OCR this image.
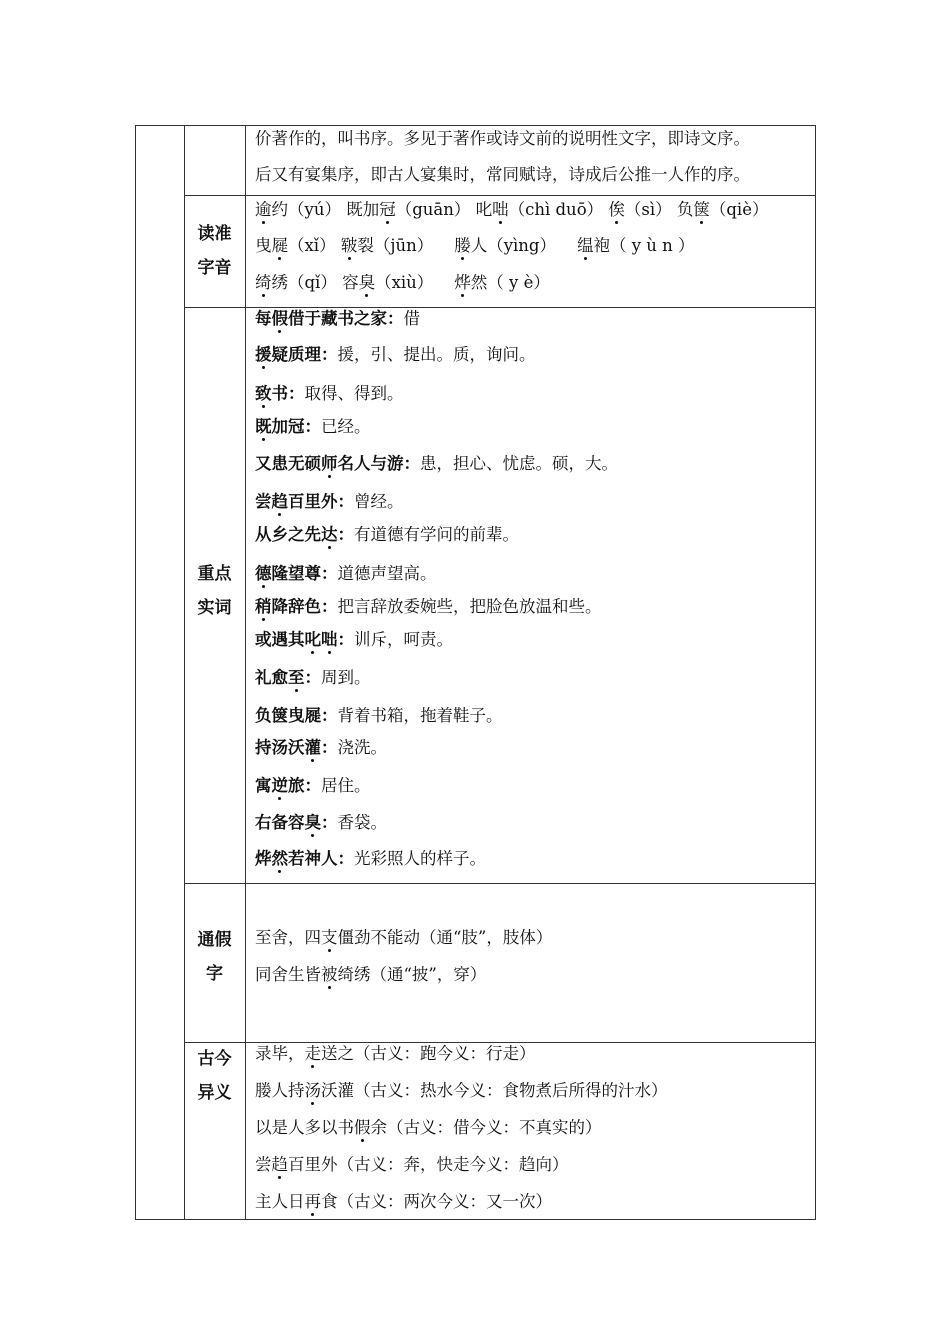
价著作的，叫书序。多见于著作或诗文前的说明性文字，即诗文序。
后又有宴集序，即古人宴集时，常同赋诗，诗成后公推一人作的序。
读准
字音
逾约（yú） 既加冠（guān） 叱咄（chì duō） 俟（sì） 负箧（qiè）
曳屣（xǐ） 皲裂（jūn）    媵人（yìng）    缊袍（ y ù n ）
绮绣（qǐ） 容臭（xiù）    烨然（ y è）
重点
实词
每假借于藏书之家：借
援疑质理：援，引、提出。质，询问。
致书：取得、得到。
既加冠：已经。
又患无硕师名人与游：患，担心、忧虑。硕，大。
尝趋百里外：曾经。
从乡之先达：有道德有学问的前辈。
德隆望尊：道德声望高。
稍降辞色：把言辞放委婉些，把脸色放温和些。
或遇其叱咄：训斥，呵责。
礼愈至：周到。
负箧曳屣：背着书箱，拖着鞋子。
持汤沃灌：浇洗。
寓逆旅：居住。
右备容臭：香袋。
烨然若神人：光彩照人的样子。
通假
字
至舍，四支僵劲不能动（通“肢”，肢体）
同舍生皆被绮绣（通“披”，穿）
古今
异义
录毕，走送之（古义：跑今义：行走）
媵人持汤沃灌（古义：热水今义：食物煮后所得的汁水）
以是人多以书假余（古义：借今义：不真实的）
尝趋百里外（古义：奔，快走今义：趋向）
主人日再食（古义：两次今义：又一次）
